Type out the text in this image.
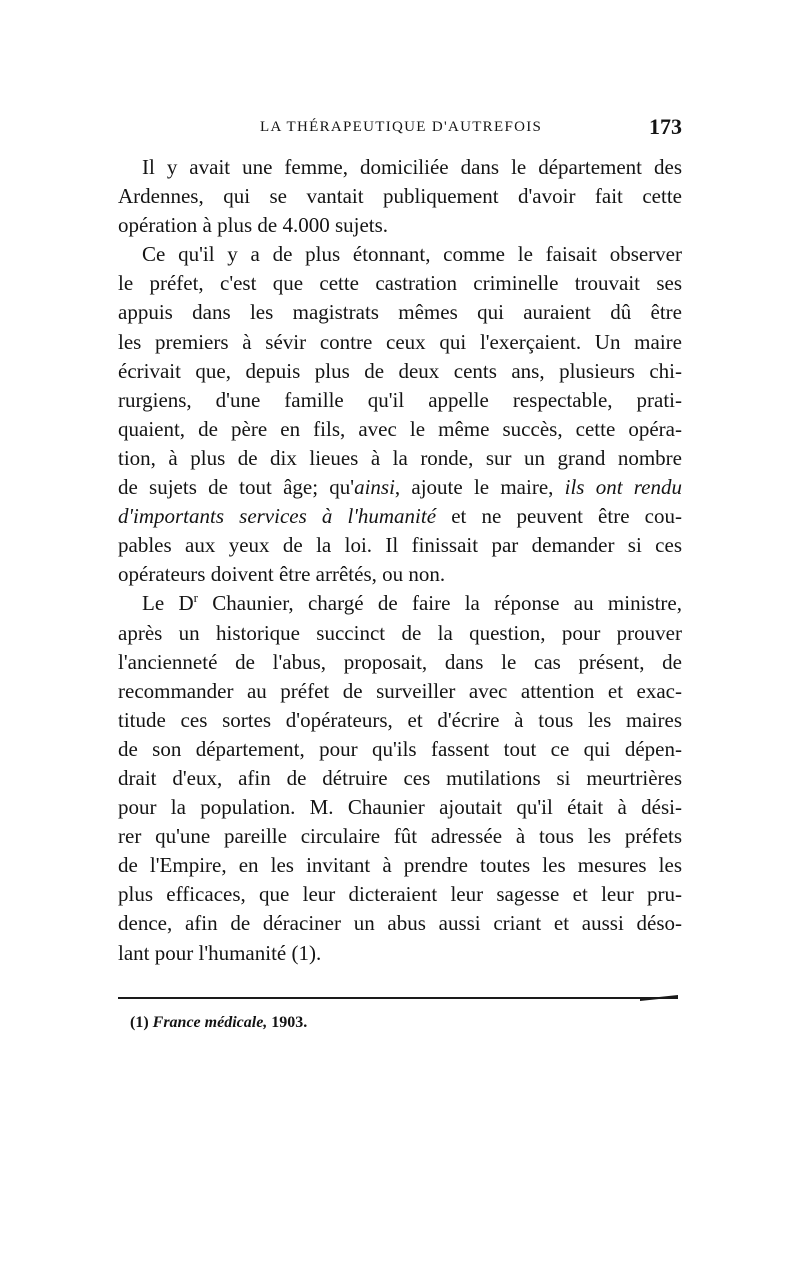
LA THÉRAPEUTIQUE D'AUTREFOIS	173
Il y avait une femme, domiciliée dans le département des
Ardennes, qui se vantait publiquement d'avoir fait cette
opération à plus de 4.000 sujets.
Ce qu'il y a de plus étonnant, comme le faisait observer
le préfet, c'est que cette castration criminelle trouvait ses
appuis dans les magistrats mêmes qui auraient dû être
les premiers à sévir contre ceux qui l'exerçaient. Un maire
écrivait que, depuis plus de deux cents ans, plusieurs chi-
rurgiens, d'une famille qu'il appelle respectable, prati-
quaient, de père en fils, avec le même succès, cette opéra-
tion, à plus de dix lieues à la ronde, sur un grand nombre
de sujets de tout âge; qu'ainsi, ajoute le maire, ils ont rendu
d'importants services à l'humanité et ne peuvent être cou-
pables aux yeux de la loi. Il finissait par demander si ces
opérateurs doivent être arrêtés, ou non.
Le $D^r$ Chaunier, chargé de faire la réponse au ministre,
après un historique succinct de la question, pour prouver
l'ancienneté de l'abus, proposait, dans le cas présent, de
recommander au préfet de surveiller avec attention et exac-
titude ces sortes d'opérateurs, et d'écrire à tous les maires
de son département, pour qu'ils fassent tout ce qui dépen-
drait d'eux, afin de détruire ces mutilations si meurtrières
pour la population. M. Chaunier ajoutait qu'il était à dési-
rer qu'une pareille circulaire fût adressée à tous les préfets
de l'Empire, en les invitant à prendre toutes les mesures les
plus efficaces, que leur dicteraient leur sagesse et leur pru-
dence, afin de déraciner un abus aussi criant et aussi déso-
lant pour l'humanité (1).
(1) France médicale, 1903.
